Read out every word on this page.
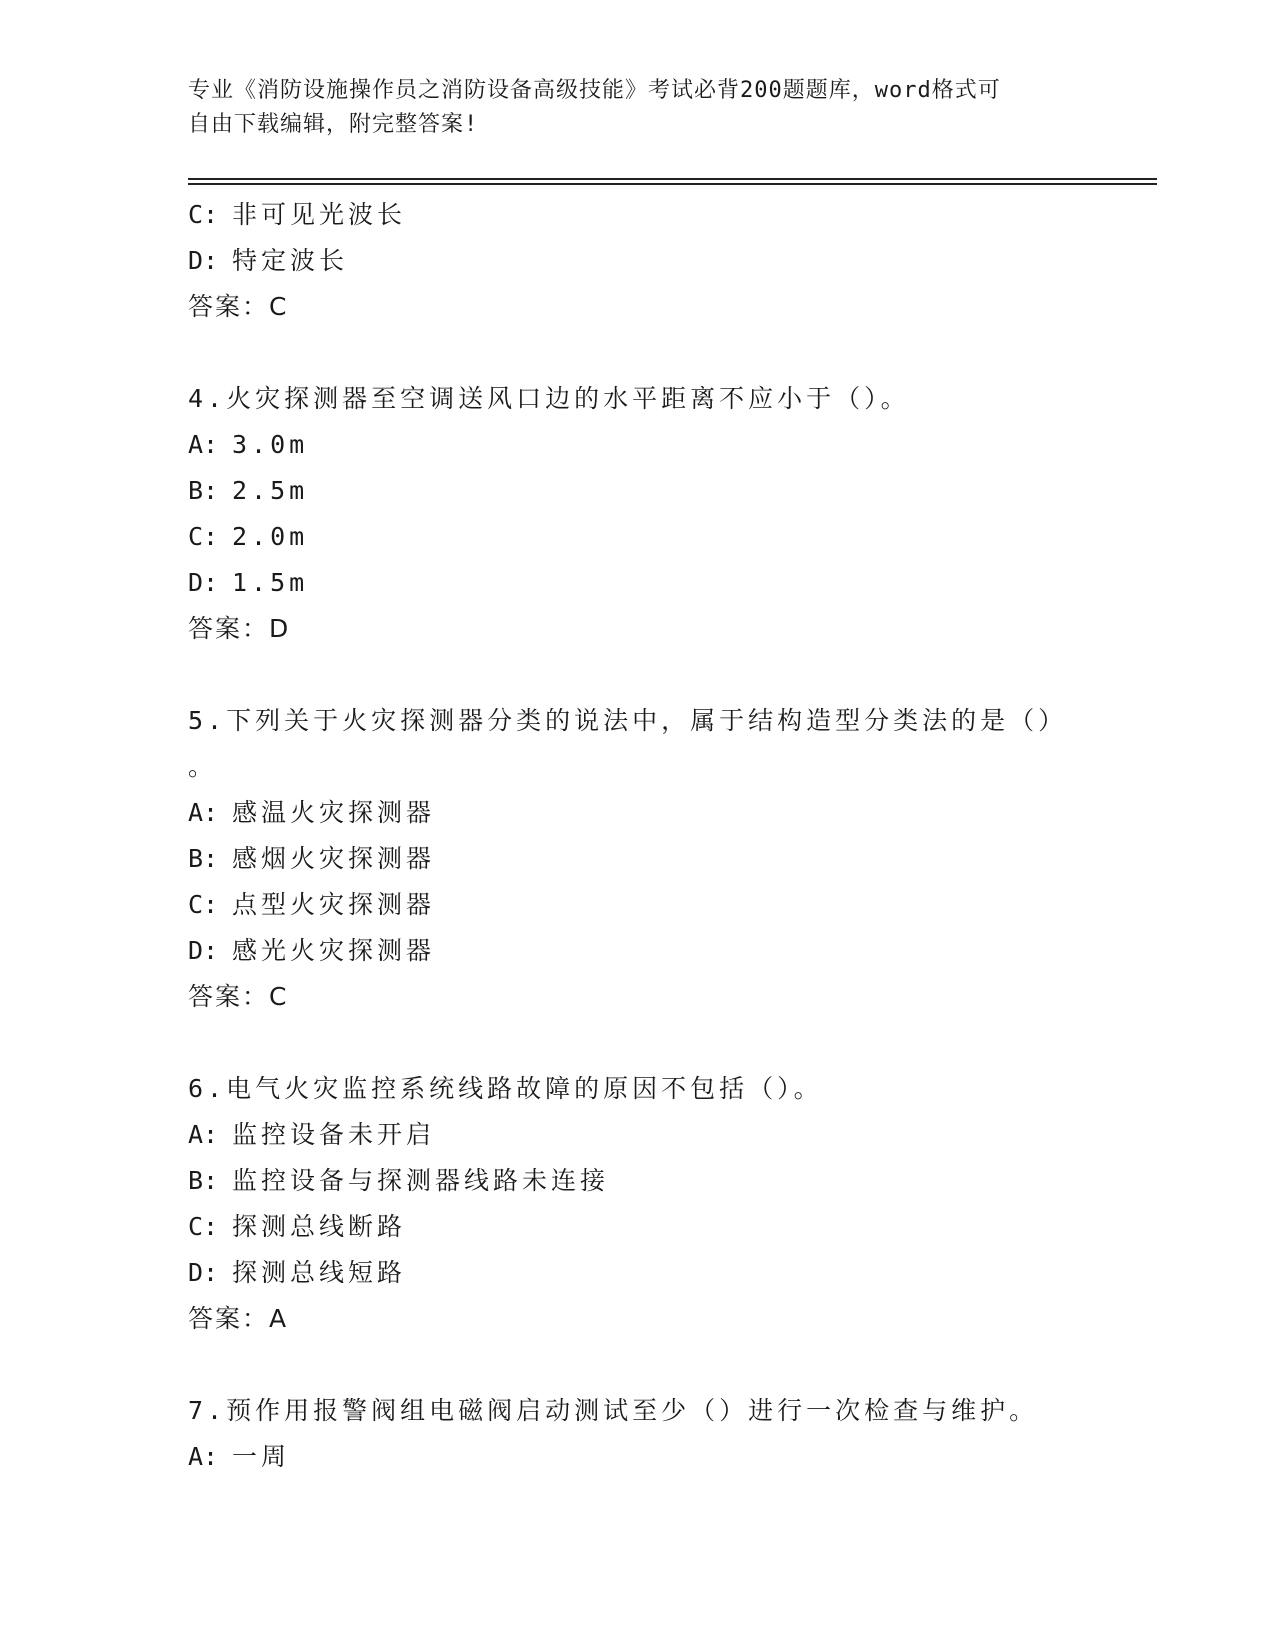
专业《消防设施操作员之消防设备高级技能》考试必背200题题库，word格式可
自由下载编辑，附完整答案!
C: 非可见光波长
D: 特定波长
答案：C
4.火灾探测器至空调送风口边的水平距离不应小于（）。
A: 3.0m
B: 2.5m
C: 2.0m
D: 1.5m
答案：D
5.下列关于火灾探测器分类的说法中，属于结构造型分类法的是（）
。
A: 感温火灾探测器
B: 感烟火灾探测器
C: 点型火灾探测器
D: 感光火灾探测器
答案：C
6.电气火灾监控系统线路故障的原因不包括（）。
A: 监控设备未开启
B: 监控设备与探测器线路未连接
C: 探测总线断路
D: 探测总线短路
答案：A
7.预作用报警阀组电磁阀启动测试至少（）进行一次检查与维护。
A: 一周
